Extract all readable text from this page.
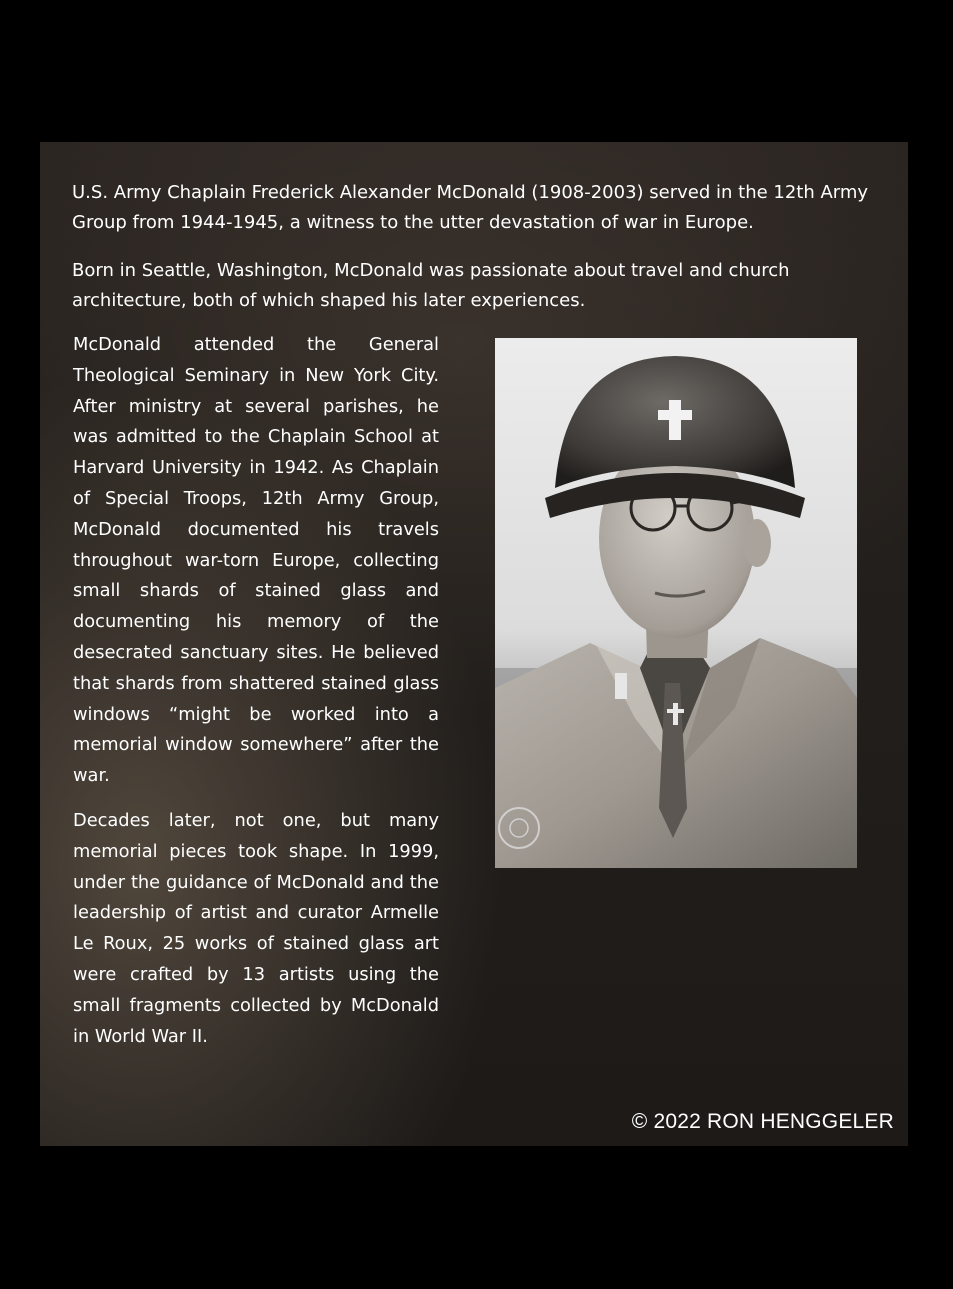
U.S. Army Chaplain Frederick Alexander McDonald (1908-2003) served in the 12th Army Group from 1944-1945, a witness to the utter devastation of war in Europe.

Born in Seattle, Washington, McDonald was passionate about travel and church architecture, both of which shaped his later experiences.

McDonald attended the General Theological Seminary in New York City. After ministry at several parishes, he was admitted to the Chaplain School at Harvard University in 1942. As Chaplain of Special Troops, 12th Army Group, McDonald documented his travels throughout war-torn Europe, collecting small shards of stained glass and documenting his memory of the desecrated sanctuary sites. He believed that shards from shattered stained glass windows “might be worked into a memorial window somewhere” after the war.

Decades later, not one, but many memorial pieces took shape. In 1999, under the guidance of McDonald and the leadership of artist and curator Armelle Le Roux, 25 works of stained glass art were crafted by 13 artists using the small fragments collected by McDonald in World War II.

© 2022 RON HENGGELER
